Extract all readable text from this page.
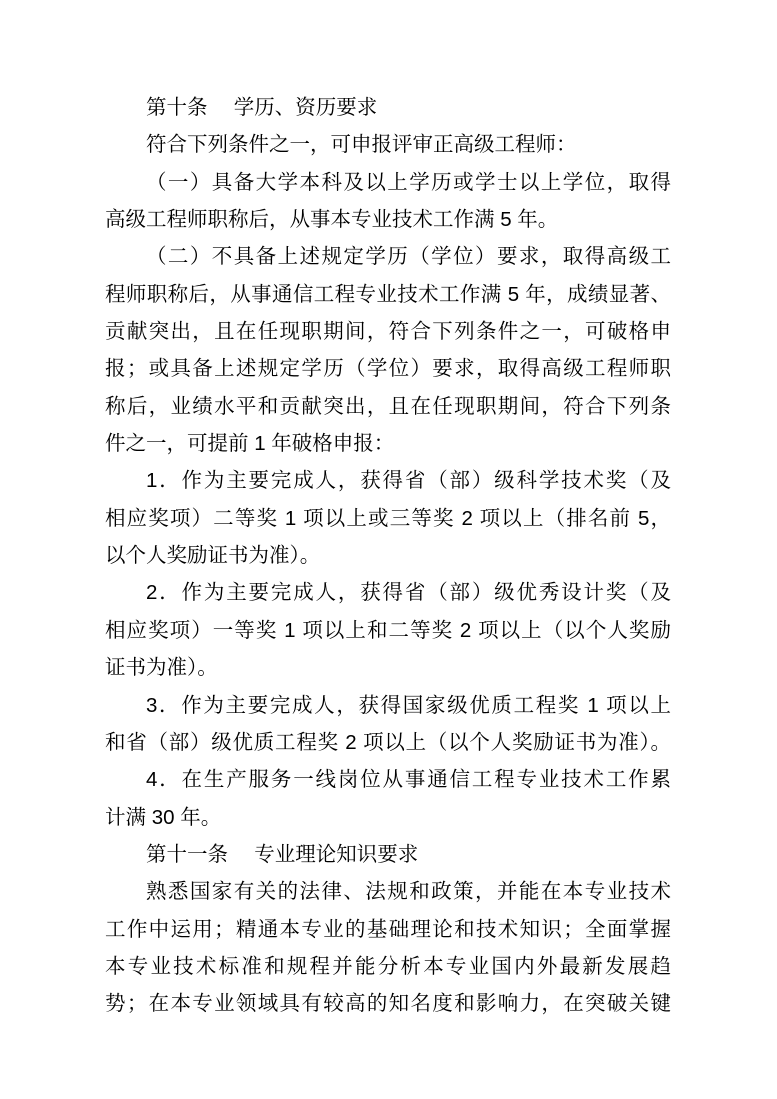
第十条　 学历、资历要求
符合下列条件之一，可申报评审正高级工程师：
（一）具备大学本科及以上学历或学士以上学位，取得
高级工程师职称后，从事本专业技术工作满 5 年。
（二）不具备上述规定学历（学位）要求，取得高级工
程师职称后，从事通信工程专业技术工作满 5 年，成绩显著、
贡献突出，且在任现职期间，符合下列条件之一，可破格申
报；或具备上述规定学历（学位）要求，取得高级工程师职
称后，业绩水平和贡献突出，且在任现职期间，符合下列条
件之一，可提前 1 年破格申报：
1．作为主要完成人，获得省（部）级科学技术奖（及
相应奖项）二等奖 1 项以上或三等奖 2 项以上（排名前 5，
以个人奖励证书为准）。
2．作为主要完成人，获得省（部）级优秀设计奖（及
相应奖项）一等奖 1 项以上和二等奖 2 项以上（以个人奖励
证书为准）。
3．作为主要完成人，获得国家级优质工程奖 1 项以上
和省（部）级优质工程奖 2 项以上（以个人奖励证书为准）。
4．在生产服务一线岗位从事通信工程专业技术工作累
计满 30 年。
第十一条　 专业理论知识要求
熟悉国家有关的法律、法规和政策，并能在本专业技术
工作中运用；精通本专业的基础理论和技术知识；全面掌握
本专业技术标准和规程并能分析本专业国内外最新发展趋
势；在本专业领域具有较高的知名度和影响力，在突破关键
